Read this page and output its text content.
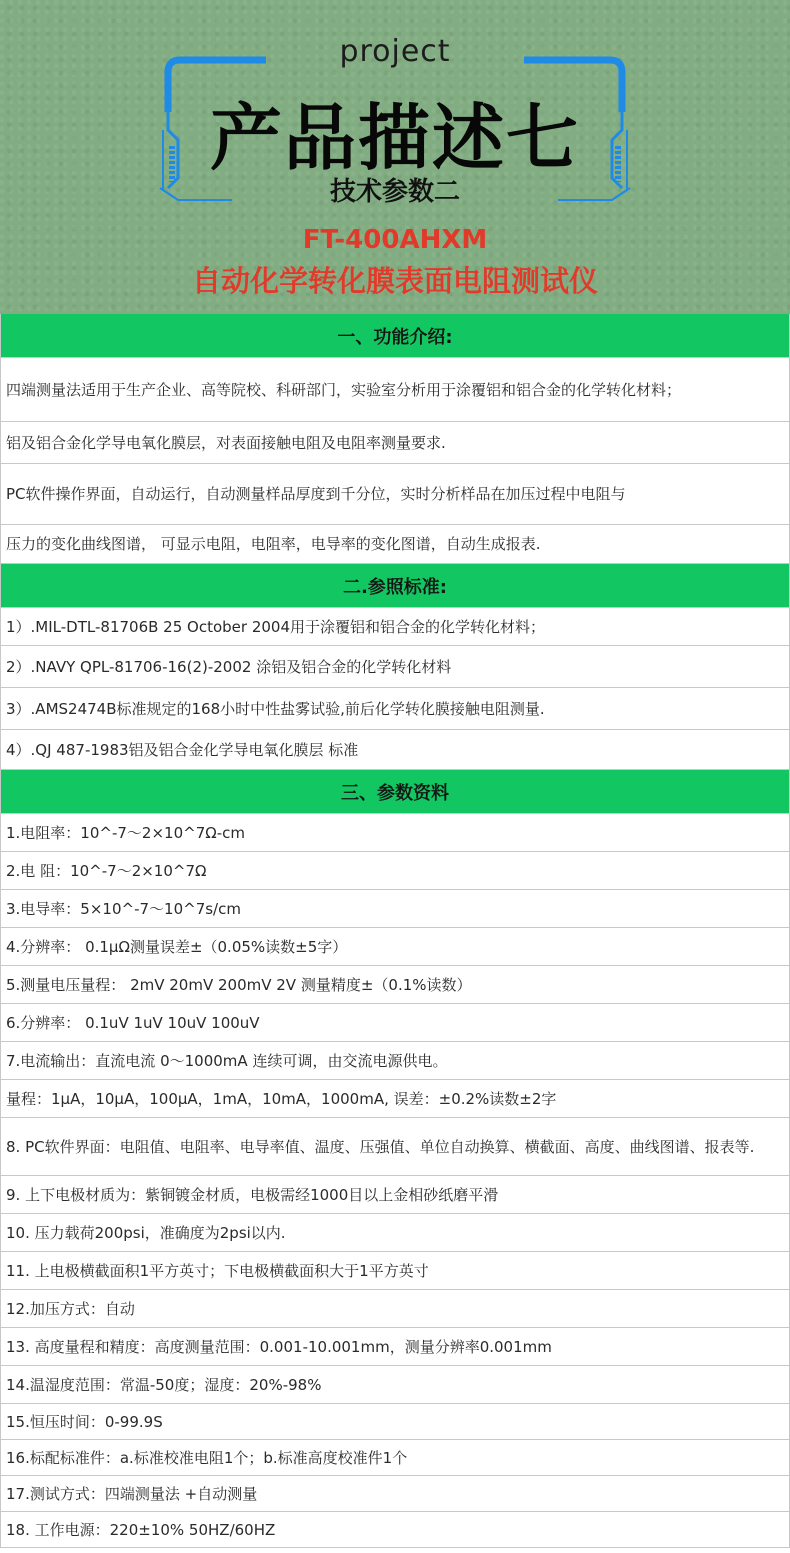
project
产品描述七
技术参数二
FT-400AHXM
自动化学转化膜表面电阻测试仪
一、功能介绍:
四端测量法适用于生产企业、高等院校、科研部门，实验室分析用于涂覆铝和铝合金的化学转化材料；
铝及铝合金化学导电氧化膜层，对表面接触电阻及电阻率测量要求.
PC软件操作界面，自动运行，自动测量样品厚度到千分位，实时分析样品在加压过程中电阻与
压力的变化曲线图谱， 可显示电阻，电阻率，电导率的变化图谱，自动生成报表.
二.参照标准:
1）.MIL-DTL-81706B 25 October 2004用于涂覆铝和铝合金的化学转化材料；
2）.NAVY QPL-81706-16(2)-2002 涂铝及铝合金的化学转化材料
3）.AMS2474B标准规定的168小时中性盐雾试验,前后化学转化膜接触电阻测量.
4）.QJ 487-1983铝及铝合金化学导电氧化膜层 标准
三、参数资料
1.电阻率：10^-7～2×10^7Ω-cm
2.电 阻：10^-7～2×10^7Ω
3.电导率：5×10^-7～10^7s/cm
4.分辨率： 0.1μΩ测量误差±（0.05%读数±5字）
5.测量电压量程： 2mV 20mV 200mV 2V 测量精度±（0.1%读数）
6.分辨率： 0.1uV 1uV 10uV 100uV
7.电流输出：直流电流 0～1000mA 连续可调，由交流电源供电。
量程：1μA，10μA，100μA，1mA，10mA，1000mA, 误差：±0.2%读数±2字
8. PC软件界面：电阻值、电阻率、电导率值、温度、压强值、单位自动换算、横截面、高度、曲线图谱、报表等.
9. 上下电极材质为：紫铜镀金材质，电极需经1000目以上金相砂纸磨平滑
10. 压力载荷200psi，准确度为2psi以内.
11. 上电极横截面积1平方英寸；下电极横截面积大于1平方英寸
12.加压方式：自动
13. 高度量程和精度：高度测量范围：0.001-10.001mm，测量分辨率0.001mm
14.温湿度范围：常温-50度；湿度：20%-98%
15.恒压时间：0-99.9S
16.标配标准件：a.标准校准电阻1个；b.标准高度校准件1个
17.测试方式：四端测量法 +自动测量
18. 工作电源：220±10% 50HZ/60HZ
